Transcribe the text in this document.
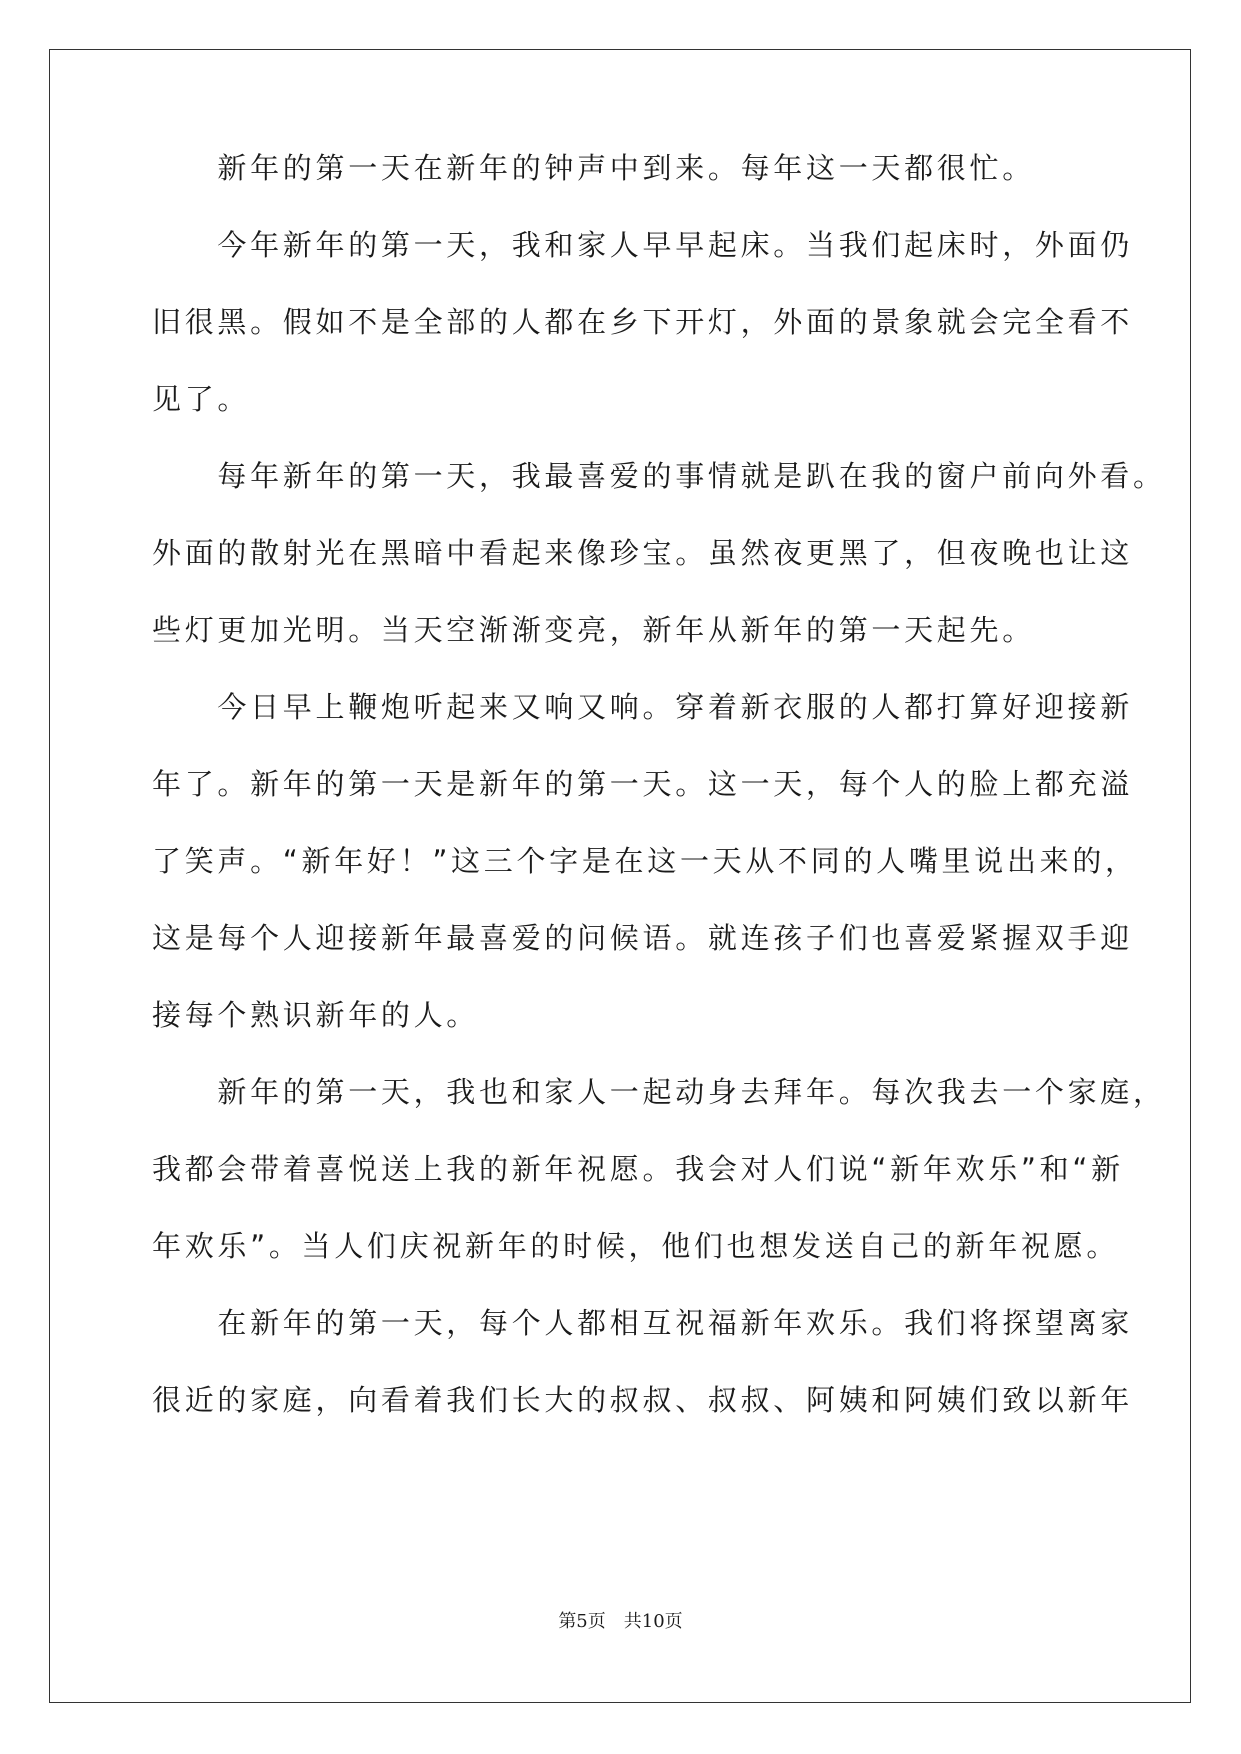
　　新年的第一天在新年的钟声中到来。每年这一天都很忙。
　　今年新年的第一天，我和家人早早起床。当我们起床时，外面仍
旧很黑。假如不是全部的人都在乡下开灯，外面的景象就会完全看不
见了。
　　每年新年的第一天，我最喜爱的事情就是趴在我的窗户前向外看。
外面的散射光在黑暗中看起来像珍宝。虽然夜更黑了，但夜晚也让这
些灯更加光明。当天空渐渐变亮，新年从新年的第一天起先。
　　今日早上鞭炮听起来又响又响。穿着新衣服的人都打算好迎接新
年了。新年的第一天是新年的第一天。这一天，每个人的脸上都充溢
了笑声。“新年好！”这三个字是在这一天从不同的人嘴里说出来的，
这是每个人迎接新年最喜爱的问候语。就连孩子们也喜爱紧握双手迎
接每个熟识新年的人。
　　新年的第一天，我也和家人一起动身去拜年。每次我去一个家庭，
我都会带着喜悦送上我的新年祝愿。我会对人们说“新年欢乐”和“新
年欢乐”。当人们庆祝新年的时候，他们也想发送自己的新年祝愿。
　　在新年的第一天，每个人都相互祝福新年欢乐。我们将探望离家
很近的家庭，向看着我们长大的叔叔、叔叔、阿姨和阿姨们致以新年
第5页　共10页
